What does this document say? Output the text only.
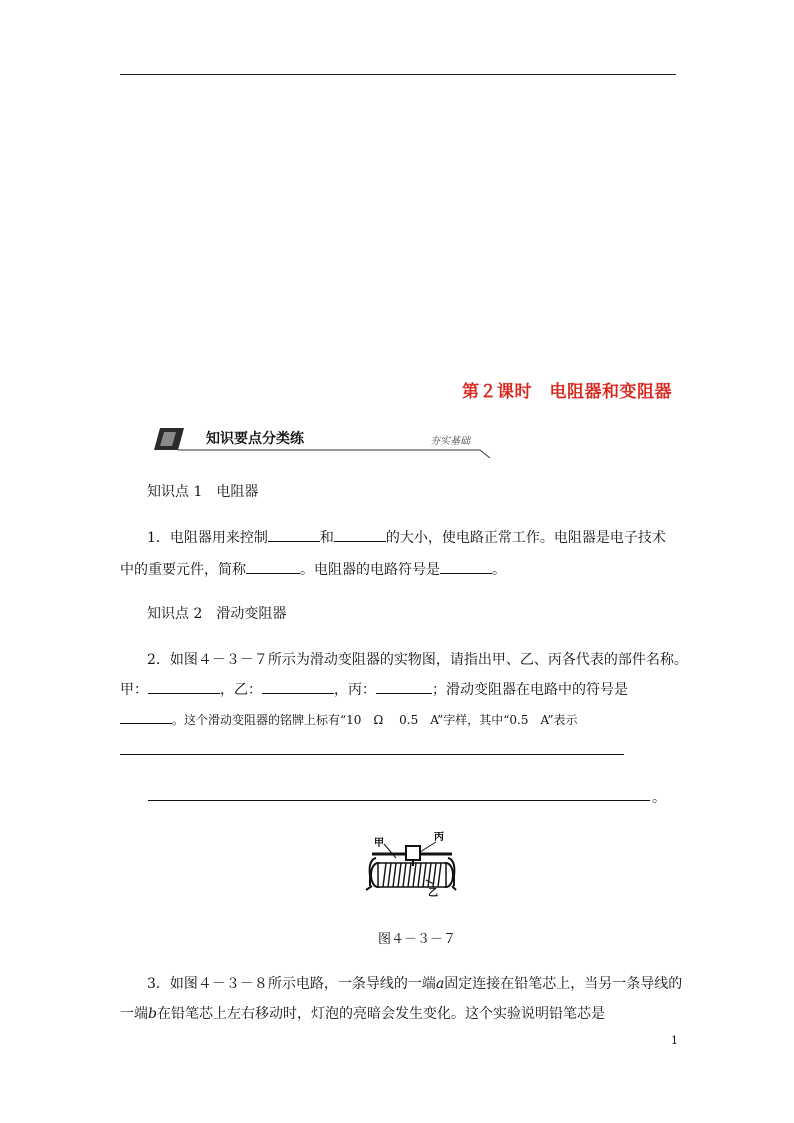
第２课时　电阻器和变阻器
知识要点分类练	夯实基础
知识点 1　电阻器
1．电阻器用来控制	和	的大小，使电路正常工作。电阻器是电子技术
中的重要元件，简称	。电阻器的电路符号是	。
知识点 2　滑动变阻器
2．如图４－３－７所示为滑动变阻器的实物图，请指出甲、乙、丙各代表的部件名称。
甲：	，乙：	，丙：	；滑动变阻器在电路中的符号是
。这个滑动变阻器的铭牌上标有“10　Ω　 0.5　A”字样，其中“0.5　A”表示
。
甲
丙
乙
图４－３－７
3．如图４－３－８所示电路，一条导线的一端a固定连接在铅笔芯上，当另一条导线的
一端b在铅笔芯上左右移动时，灯泡的亮暗会发生变化。这个实验说明铅笔芯是
1
